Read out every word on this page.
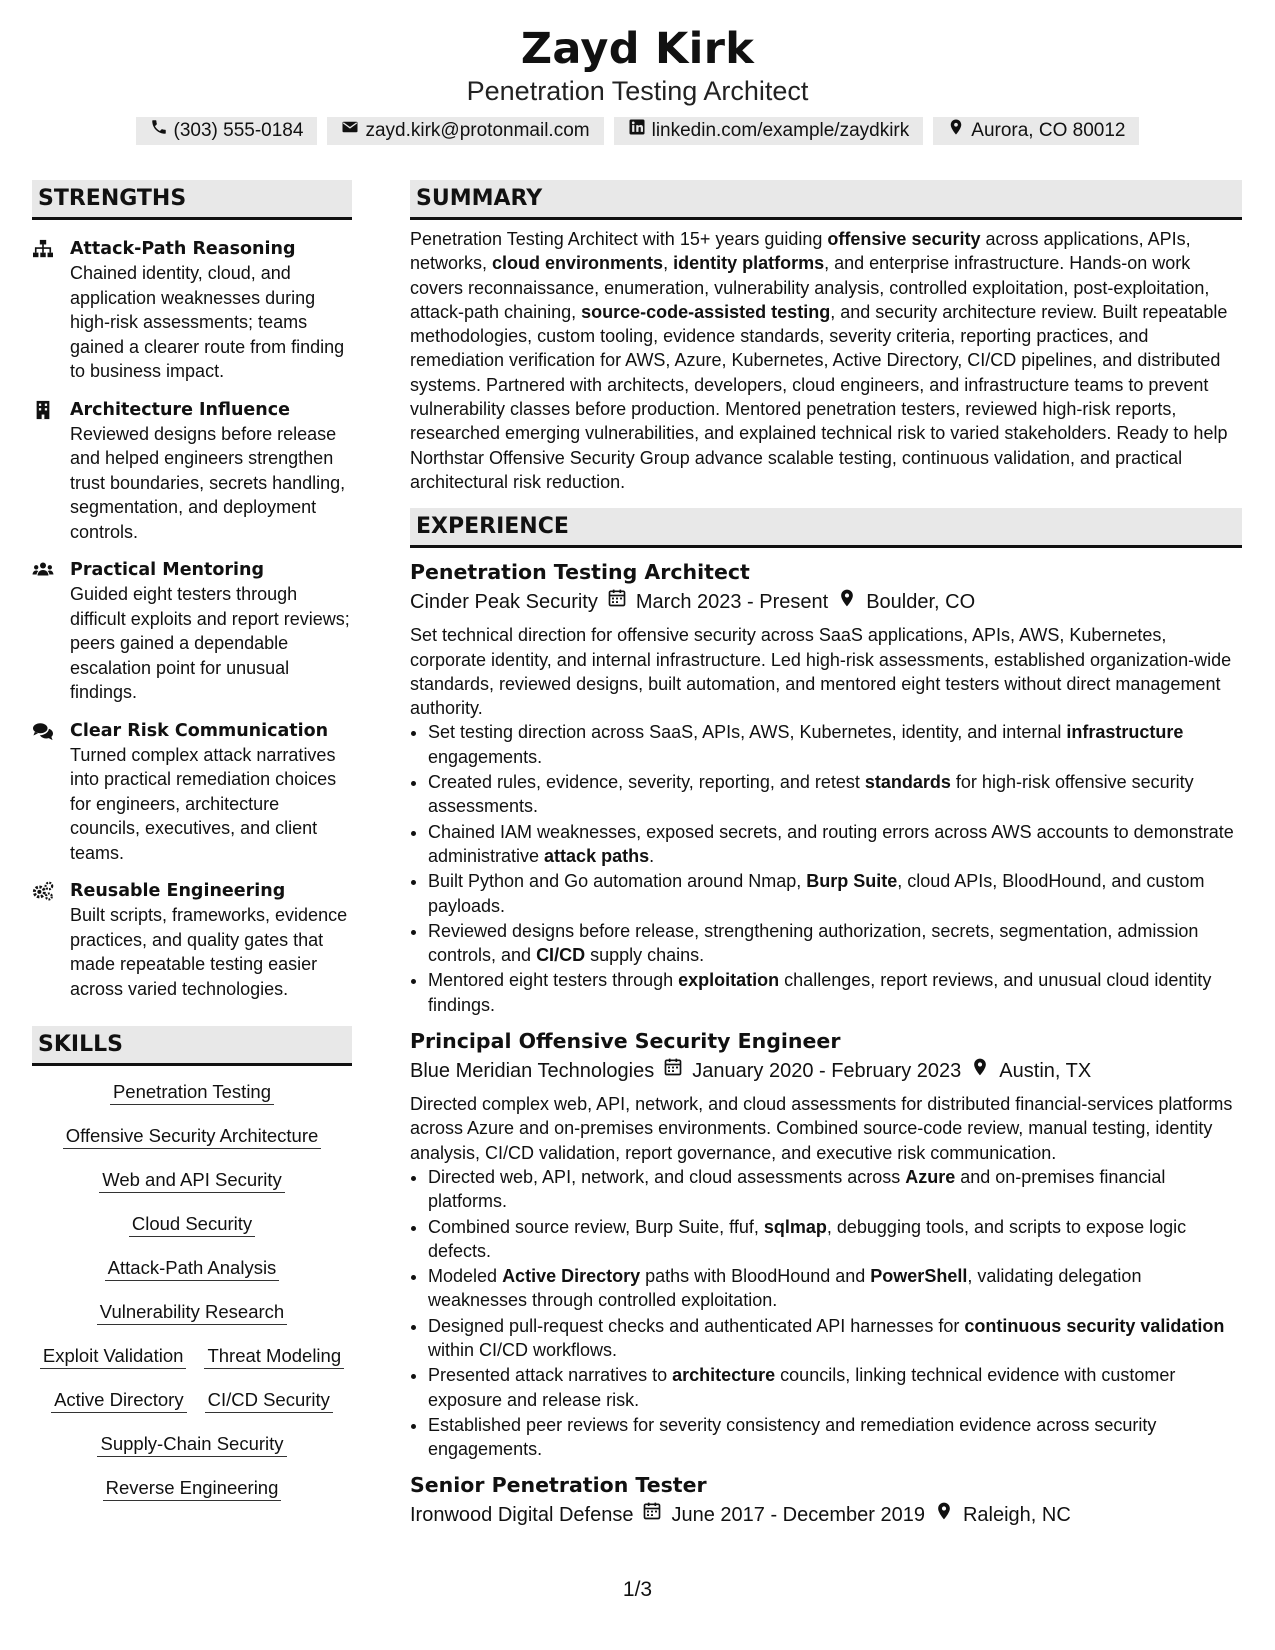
Zayd Kirk
Penetration Testing Architect
(303) 555-0184	zayd.kirk@protonmail.com	linkedin.com/example/zaydkirk	Aurora, CO 80012
STRENGTHS
Attack-Path Reasoning
Chained identity, cloud, and application weaknesses during high-risk assessments; teams gained a clearer route from finding to business impact.
Architecture Influence
Reviewed designs before release and helped engineers strengthen trust boundaries, secrets handling, segmentation, and deployment controls.
Practical Mentoring
Guided eight testers through difficult exploits and report reviews; peers gained a dependable escalation point for unusual findings.
Clear Risk Communication
Turned complex attack narratives into practical remediation choices for engineers, architecture councils, executives, and client teams.
Reusable Engineering
Built scripts, frameworks, evidence practices, and quality gates that made repeatable testing easier across varied technologies.
SKILLS
Penetration Testing
Offensive Security Architecture
Web and API Security
Cloud Security
Attack-Path Analysis
Vulnerability Research
Exploit Validation Threat Modeling
Active Directory CI/CD Security
Supply-Chain Security
Reverse Engineering
SUMMARY
Penetration Testing Architect with 15+ years guiding offensive security across applications, APIs, networks, cloud environments, identity platforms, and enterprise infrastructure. Hands-on work covers reconnaissance, enumeration, vulnerability analysis, controlled exploitation, post-exploitation, attack-path chaining, source-code-assisted testing, and security architecture review. Built repeatable methodologies, custom tooling, evidence standards, severity criteria, reporting practices, and remediation verification for AWS, Azure, Kubernetes, Active Directory, CI/CD pipelines, and distributed systems. Partnered with architects, developers, cloud engineers, and infrastructure teams to prevent vulnerability classes before production. Mentored penetration testers, reviewed high-risk reports, researched emerging vulnerabilities, and explained technical risk to varied stakeholders. Ready to help Northstar Offensive Security Group advance scalable testing, continuous validation, and practical architectural risk reduction.
EXPERIENCE
Penetration Testing Architect
Cinder Peak Security March 2023 - Present Boulder, CO
Set technical direction for offensive security across SaaS applications, APIs, AWS, Kubernetes, corporate identity, and internal infrastructure. Led high-risk assessments, established organization-wide standards, reviewed designs, built automation, and mentored eight testers without direct management authority.
• Set testing direction across SaaS, APIs, AWS, Kubernetes, identity, and internal infrastructure engagements.
• Created rules, evidence, severity, reporting, and retest standards for high-risk offensive security assessments.
• Chained IAM weaknesses, exposed secrets, and routing errors across AWS accounts to demonstrate administrative attack paths.
• Built Python and Go automation around Nmap, Burp Suite, cloud APIs, BloodHound, and custom payloads.
• Reviewed designs before release, strengthening authorization, secrets, segmentation, admission controls, and CI/CD supply chains.
• Mentored eight testers through exploitation challenges, report reviews, and unusual cloud identity findings.
Principal Offensive Security Engineer
Blue Meridian Technologies January 2020 - February 2023 Austin, TX
Directed complex web, API, network, and cloud assessments for distributed financial-services platforms across Azure and on-premises environments. Combined source-code review, manual testing, identity analysis, CI/CD validation, report governance, and executive risk communication.
• Directed web, API, network, and cloud assessments across Azure and on-premises financial platforms.
• Combined source review, Burp Suite, ffuf, sqlmap, debugging tools, and scripts to expose logic defects.
• Modeled Active Directory paths with BloodHound and PowerShell, validating delegation weaknesses through controlled exploitation.
• Designed pull-request checks and authenticated API harnesses for continuous security validation within CI/CD workflows.
• Presented attack narratives to architecture councils, linking technical evidence with customer exposure and release risk.
• Established peer reviews for severity consistency and remediation evidence across security engagements.
Senior Penetration Tester
Ironwood Digital Defense June 2017 - December 2019 Raleigh, NC
1/3
